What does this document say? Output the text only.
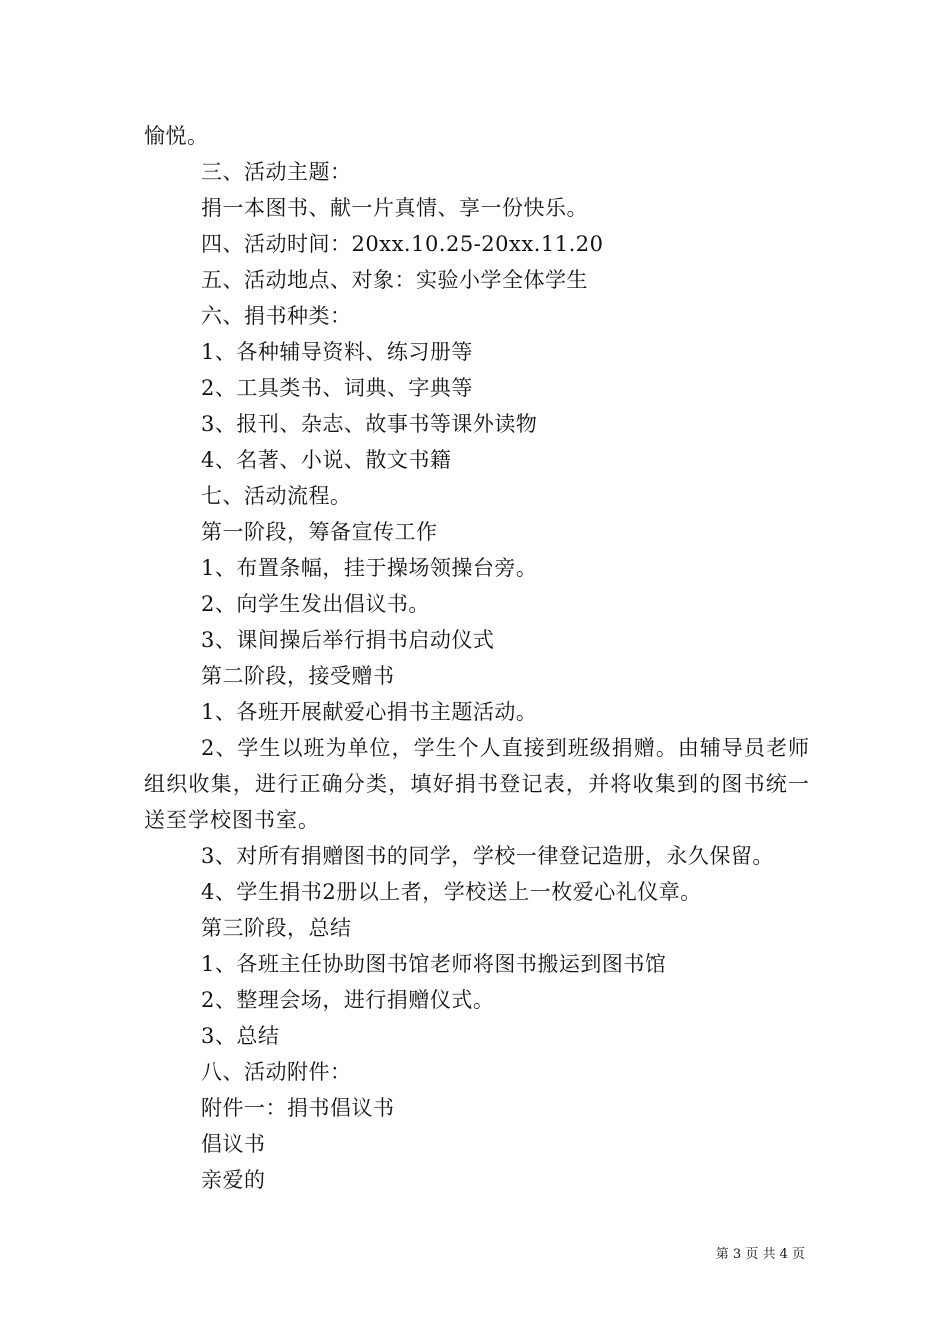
愉悦。
三、活动主题：
捐一本图书、献一片真情、享一份快乐。
四、活动时间：20xx.10.25-20xx.11.20
五、活动地点、对象：实验小学全体学生
六、捐书种类：
1、各种辅导资料、练习册等
2、工具类书、词典、字典等
3、报刊、杂志、故事书等课外读物
4、名著、小说、散文书籍
七、活动流程。
第一阶段，筹备宣传工作
1、布置条幅，挂于操场领操台旁。
2、向学生发出倡议书。
3、课间操后举行捐书启动仪式
第二阶段，接受赠书
1、各班开展献爱心捐书主题活动。
2、学生以班为单位，学生个人直接到班级捐赠。由辅导员老师组织收集，进行正确分类，填好捐书登记表，并将收集到的图书统一送至学校图书室。
3、对所有捐赠图书的同学，学校一律登记造册，永久保留。
4、学生捐书2册以上者，学校送上一枚爱心礼仪章。
第三阶段，总结
1、各班主任协助图书馆老师将图书搬运到图书馆
2、整理会场，进行捐赠仪式。
3、总结
八、活动附件：
附件一：捐书倡议书
倡议书
亲爱的
第 3 页 共 4 页
